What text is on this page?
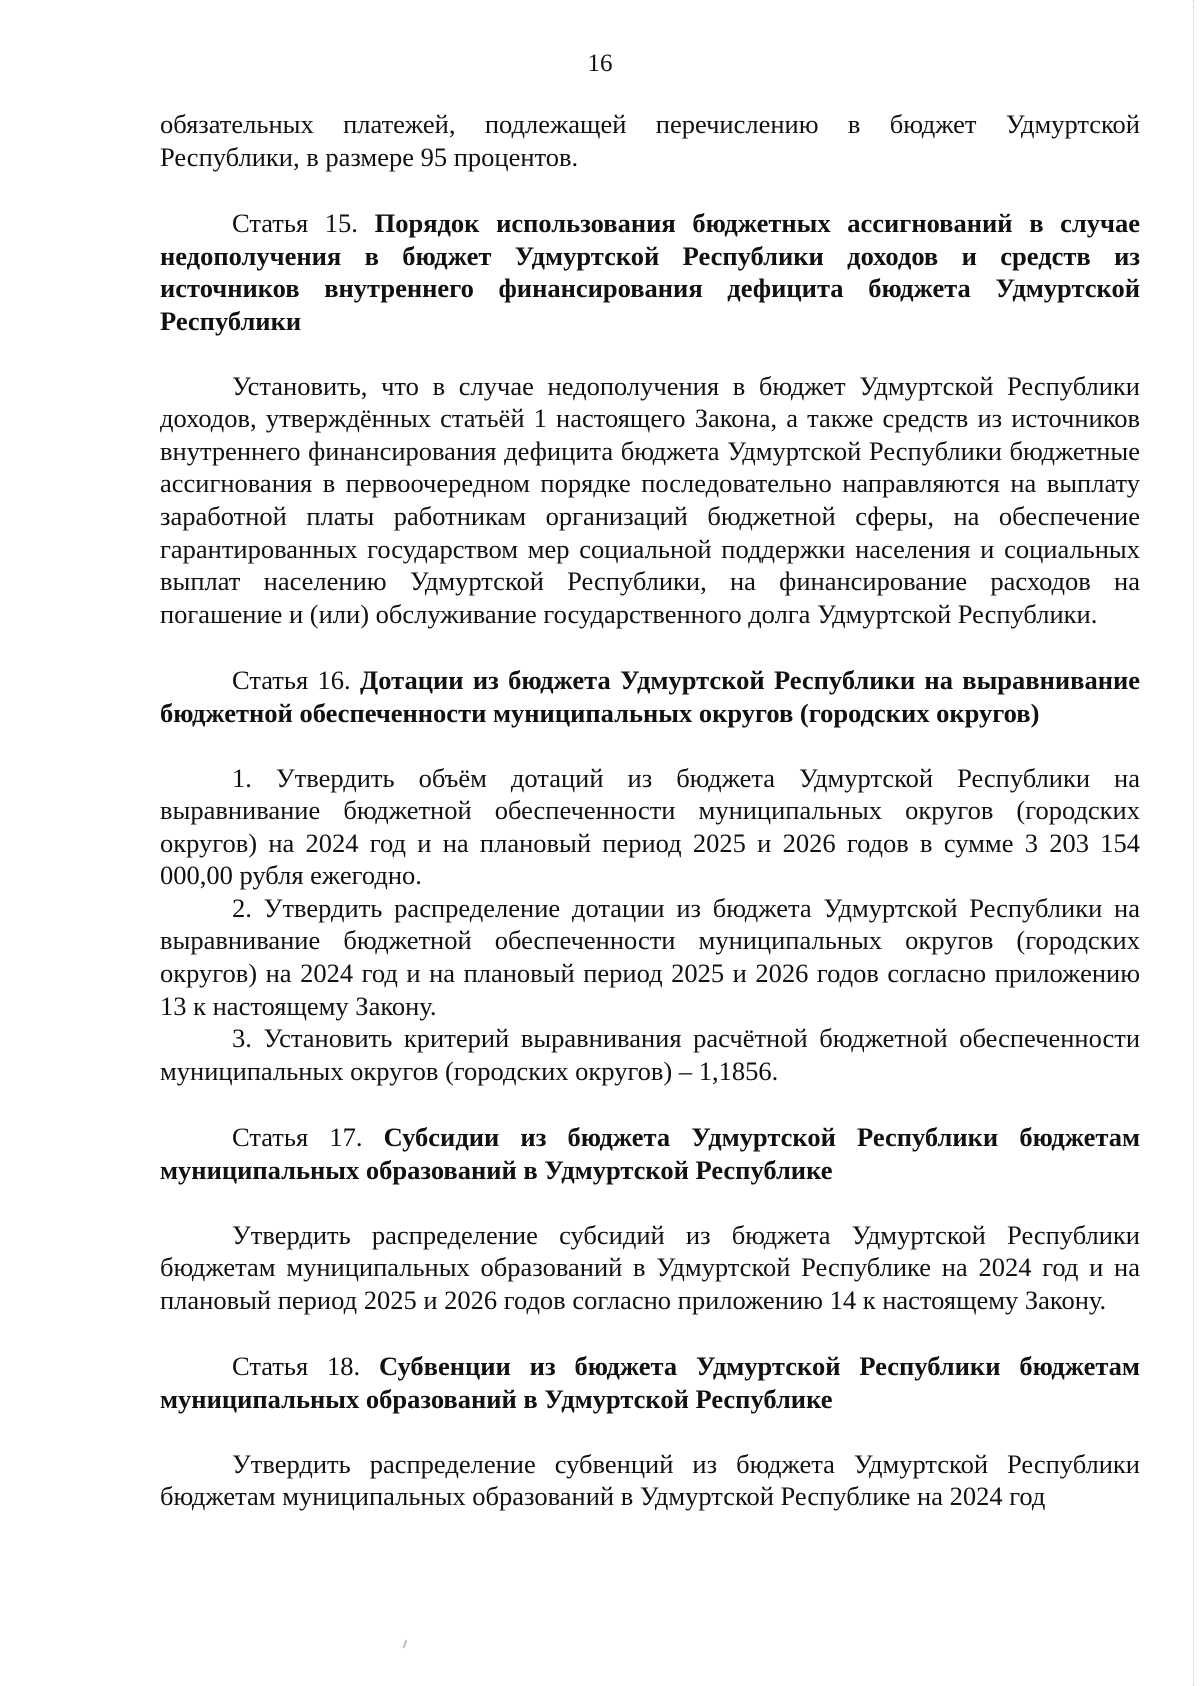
16

обязательных платежей, подлежащей перечислению в бюджет Удмуртской Республики, в размере 95 процентов.

Статья 15. Порядок использования бюджетных ассигнований в случае недополучения в бюджет Удмуртской Республики доходов и средств из источников внутреннего финансирования дефицита бюджета Удмуртской Республики

Установить, что в случае недополучения в бюджет Удмуртской Республики доходов, утверждённых статьёй 1 настоящего Закона, а также средств из источников внутреннего финансирования дефицита бюджета Удмуртской Республики бюджетные ассигнования в первоочередном порядке последовательно направляются на выплату заработной платы работникам организаций бюджетной сферы, на обеспечение гарантированных государством мер социальной поддержки населения и социальных выплат населению Удмуртской Республики, на финансирование расходов на погашение и (или) обслуживание государственного долга Удмуртской Республики.

Статья 16. Дотации из бюджета Удмуртской Республики на выравнивание бюджетной обеспеченности муниципальных округов (городских округов)

1. Утвердить объём дотаций из бюджета Удмуртской Республики на выравнивание бюджетной обеспеченности муниципальных округов (городских округов) на 2024 год и на плановый период 2025 и 2026 годов в сумме 3 203 154 000,00 рубля ежегодно.

2. Утвердить распределение дотации из бюджета Удмуртской Республики на выравнивание бюджетной обеспеченности муниципальных округов (городских округов) на 2024 год и на плановый период 2025 и 2026 годов согласно приложению 13 к настоящему Закону.

3. Установить критерий выравнивания расчётной бюджетной обеспеченности муниципальных округов (городских округов) – 1,1856.

Статья 17. Субсидии из бюджета Удмуртской Республики бюджетам муниципальных образований в Удмуртской Республике

Утвердить распределение субсидий из бюджета Удмуртской Республики бюджетам муниципальных образований в Удмуртской Республике на 2024 год и на плановый период 2025 и 2026 годов согласно приложению 14 к настоящему Закону.

Статья 18. Субвенции из бюджета Удмуртской Республики бюджетам муниципальных образований в Удмуртской Республике

Утвердить распределение субвенций из бюджета Удмуртской Республики бюджетам муниципальных образований в Удмуртской Республике на 2024 год
